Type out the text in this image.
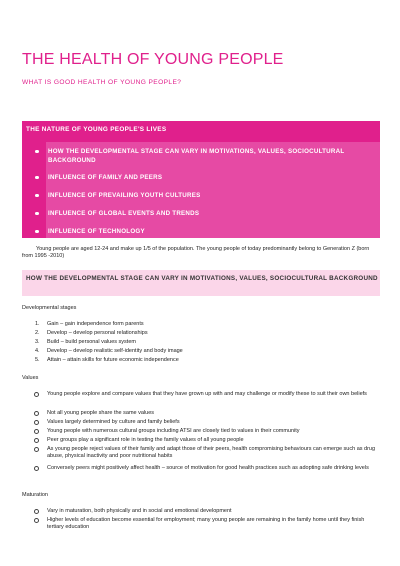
THE HEALTH OF YOUNG PEOPLE
WHAT IS GOOD HEALTH OF YOUNG PEOPLE?
THE NATURE OF YOUNG PEOPLE'S LIVES
HOW THE DEVELOPMENTAL STAGE CAN VARY IN MOTIVATIONS, VALUES, SOCIOCULTURAL BACKGROUND
INFLUENCE OF FAMILY AND PEERS
INFLUENCE OF PREVAILING YOUTH CULTURES
INFLUENCE OF GLOBAL EVENTS AND TRENDS
INFLUENCE OF TECHNOLOGY
Young people are aged 12-24 and make up 1/5 of the population. The young people of today predominantly belong to Generation Z (born from 1995 -2010)
HOW THE DEVELOPMENTAL STAGE CAN VARY IN MOTIVATIONS, VALUES, SOCIOCULTURAL BACKGROUND
Developmental stages
1. Gain – gain independence form parents
2. Develop – develop personal relationships
3. Build – build personal values system
4. Develop – develop realistic self-identity and body image
5. Attain – attain skills for future economic independence
Values
Young people explore and compare values that they have grown up with and may challenge or modify these to suit their own beliefs
Not all young people share the same values
Values largely determined by culture and family beliefs
Young people with numerous cultural groups including ATSI are closely tied to values in their community
Peer groups play a significant role in testing the family values of all young people
As young people reject values of their family and adapt those of their peers, health compromising behaviours can emerge such as drug abuse, physical inactivity and poor nutritional habits
Conversely peers might positively affect health – source of motivation for good health practices such as adopting safe drinking levels
Maturation
Vary in maturation, both physically and in social and emotional development
Higher levels of education become essential for employment; many young people are remaining in the family home until they finish tertiary education
